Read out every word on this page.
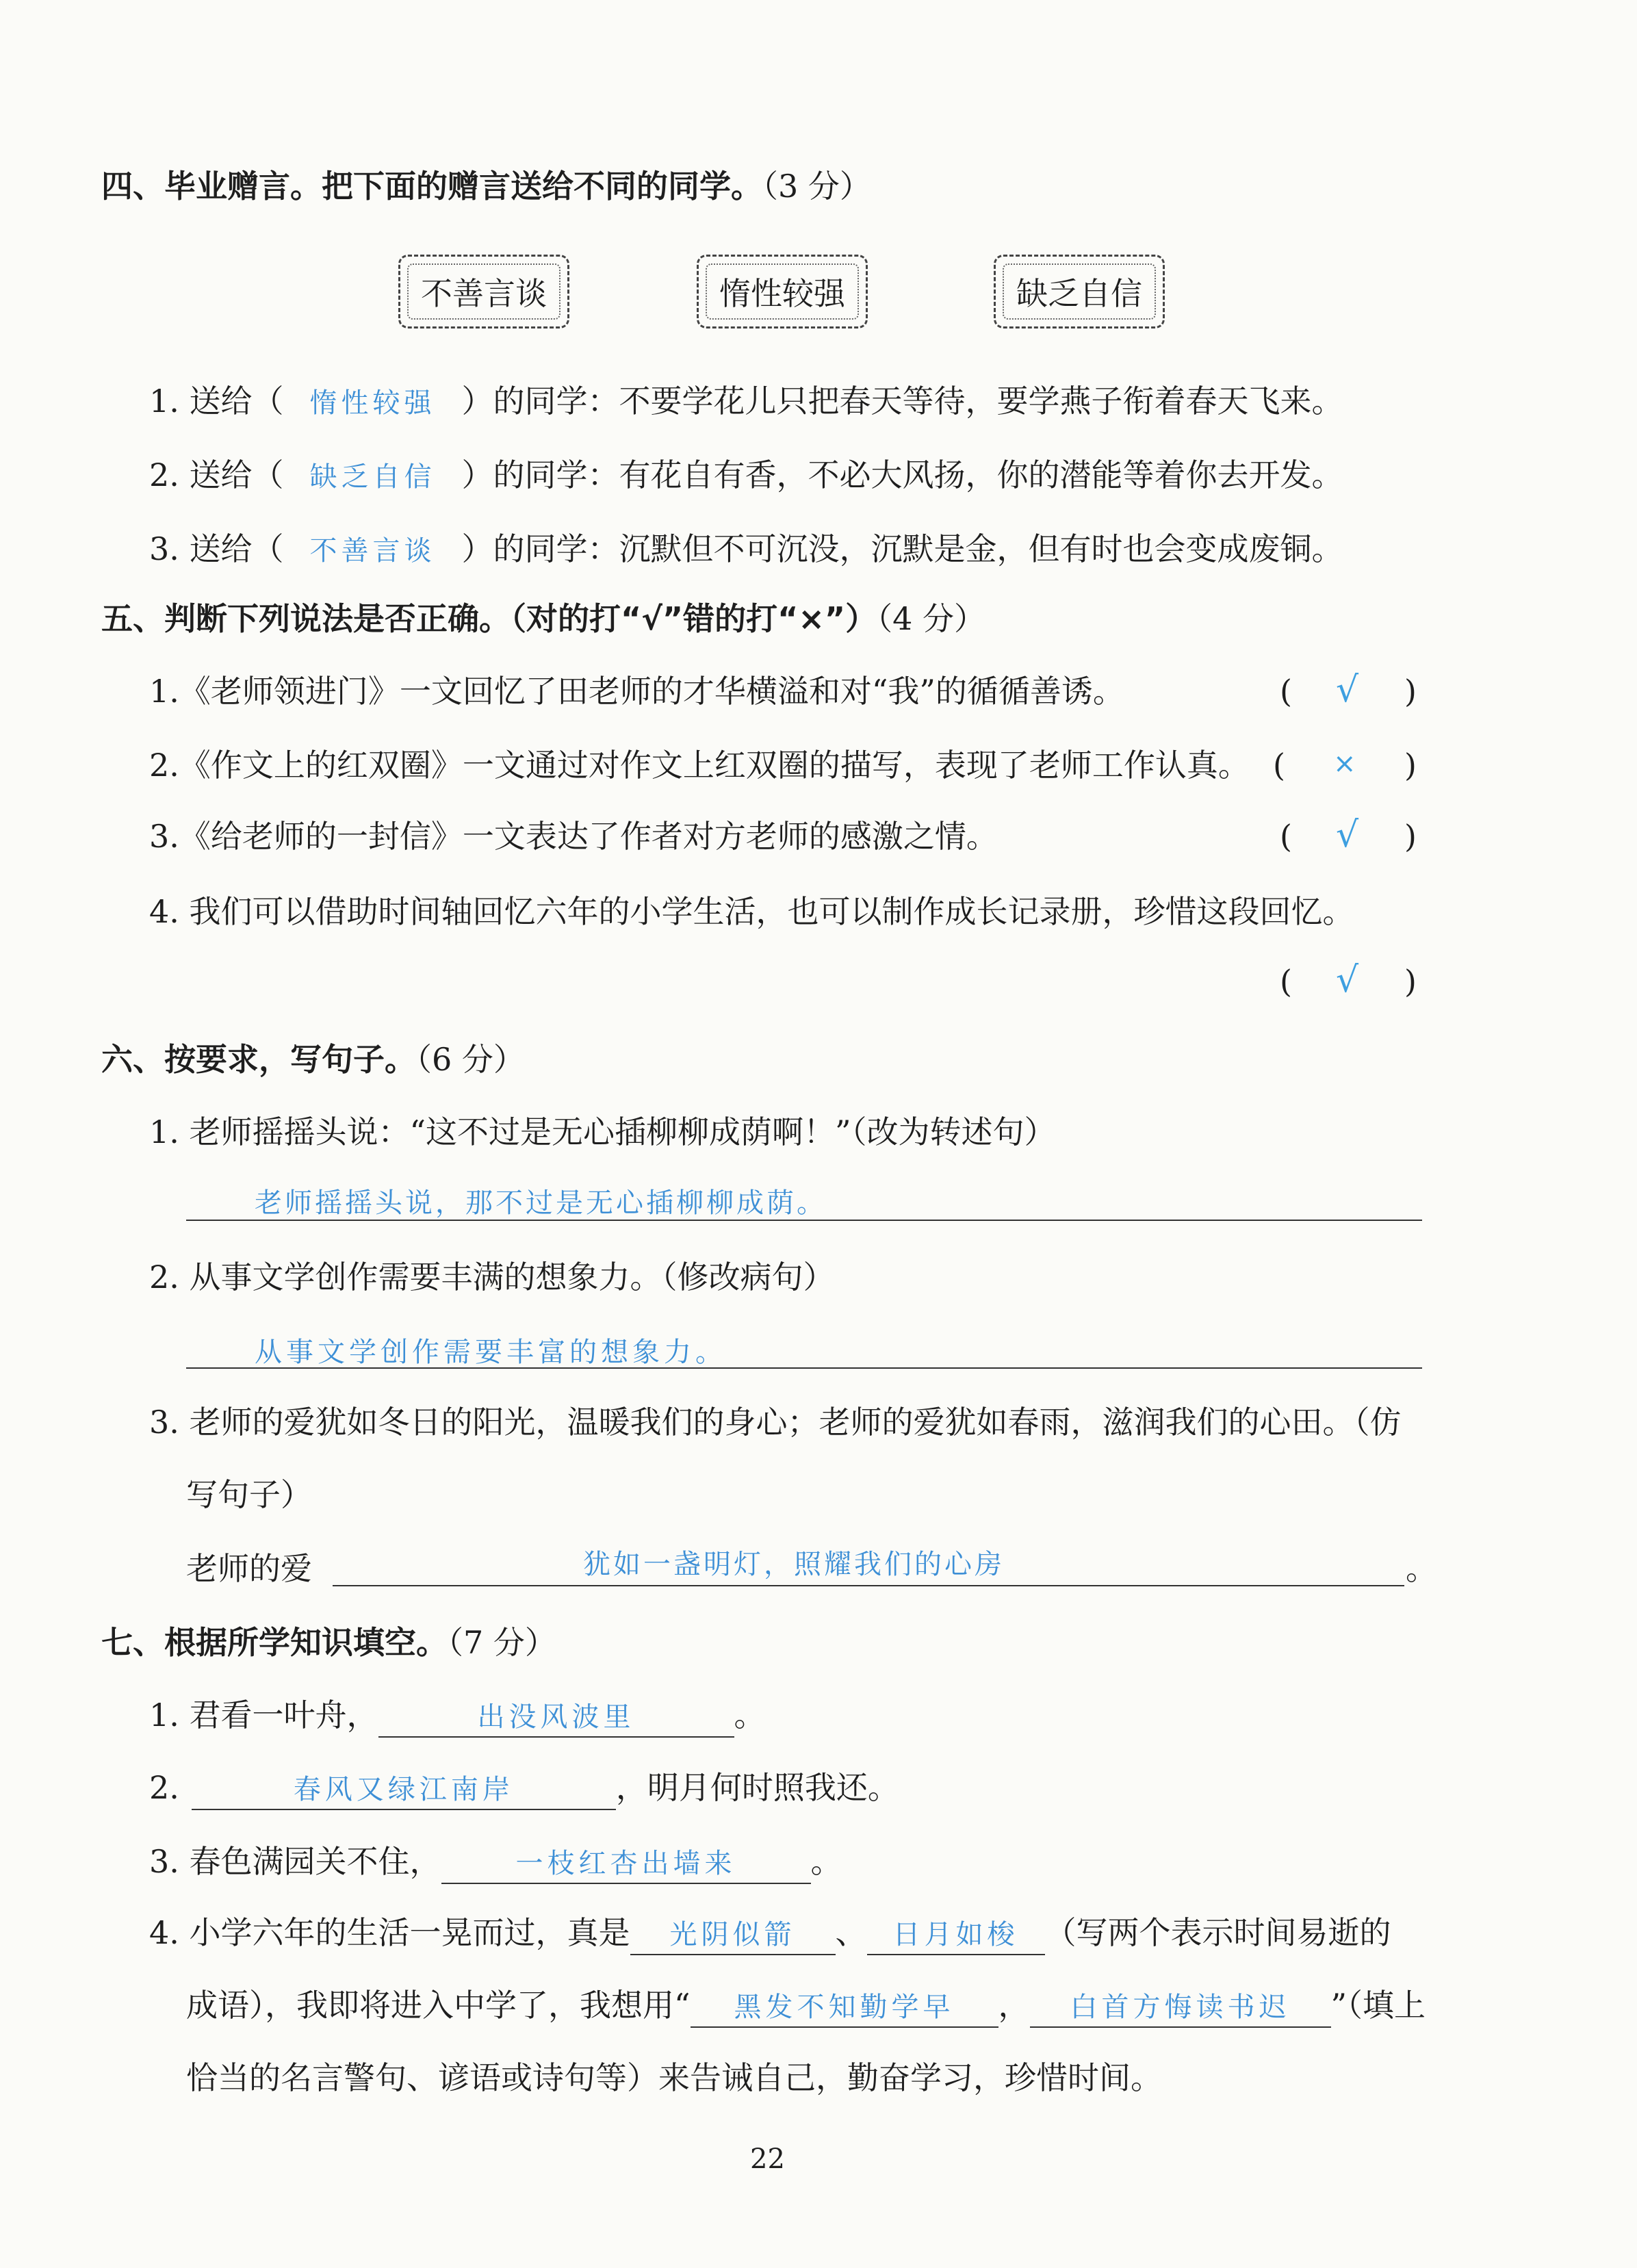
四、毕业赠言。把下面的赠言送给不同的同学。（3 分）
不善言谈	惰性较强	缺乏自信
1. 送给（ 惰性较强 ）的同学：不要学花儿只把春天等待，要学燕子衔着春天飞来。
2. 送给（ 缺乏自信 ）的同学：有花自有香，不必大风扬，你的潜能等着你去开发。
3. 送给（ 不善言谈 ）的同学：沉默但不可沉没，沉默是金，但有时也会变成废铜。
五、判断下列说法是否正确。（对的打“√”错的打“×”）（4 分）
1.《老师领进门》一文回忆了田老师的才华横溢和对“我”的循循善诱。	( √ )
2.《作文上的红双圈》一文通过对作文上红双圈的描写，表现了老师工作认真。 ( × )
3.《给老师的一封信》一文表达了作者对方老师的感激之情。	( √ )
4. 我们可以借助时间轴回忆六年的小学生活，也可以制作成长记录册，珍惜这段回忆。
( √ )
六、按要求，写句子。（6 分）
1. 老师摇摇头说：“这不过是无心插柳柳成荫啊！”（改为转述句）
老师摇摇头说，那不过是无心插柳柳成荫。
2. 从事文学创作需要丰满的想象力。（修改病句）
从事文学创作需要丰富的想象力。
3. 老师的爱犹如冬日的阳光，温暖我们的身心；老师的爱犹如春雨，滋润我们的心田。（仿
写句子）
老师的爱	犹如一盏明灯，照耀我们的心房	。
七、根据所学知识填空。（7 分）
1. 君看一叶舟，	出没风波里	。
2.	春风又绿江南岸	，明月何时照我还。
3. 春色满园关不住，	一枝红杏出墙来 。
4. 小学六年的生活一晃而过，真是 光阴似箭 、 日月如梭 （写两个表示时间易逝的
成语），我即将进入中学了，我想用“ 黑发不知勤学早 ， 白首方悔读书迟 ”（填上
恰当的名言警句、谚语或诗句等）来告诫自己，勤奋学习，珍惜时间。
22
